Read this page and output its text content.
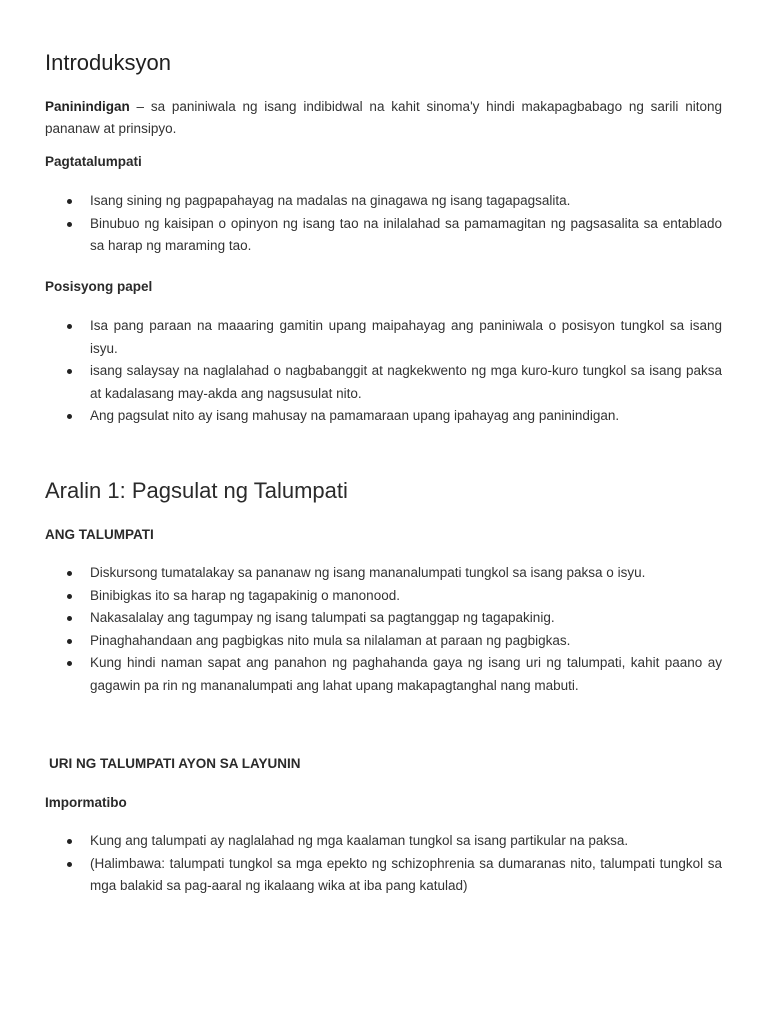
Introduksyon

Paninindigan – sa paniniwala ng isang indibidwal na kahit sinoma'y hindi makapagbabago ng sarili nitong pananaw at prinsipyo.

Pagtatalumpati
Isang sining ng pagpapahayag na madalas na ginagawa ng isang tagapagsalita.
Binubuo ng kaisipan o opinyon ng isang tao na inilalahad sa pamamagitan ng pagsasalita sa entablado sa harap ng maraming tao.
Posisyong papel
Isa pang paraan na maaaring gamitin upang maipahayag ang paniniwala o posisyon tungkol sa isang isyu.
isang salaysay na naglalahad o nagbabanggit at nagkekwento ng mga kuro-kuro tungkol sa isang paksa at kadalasang may-akda ang nagsusulat nito.
Ang pagsulat nito ay isang mahusay na pamamaraan upang ipahayag ang paninindigan.
Aralin 1: Pagsulat ng Talumpati
ANG TALUMPATI
Diskursong tumatalakay sa pananaw ng isang mananalumpati tungkol sa isang paksa o isyu.
Binibigkas ito sa harap ng tagapakinig o manonood.
Nakasalalay ang tagumpay ng isang talumpati sa pagtanggap ng tagapakinig.
Pinaghahandaan ang pagbigkas nito mula sa nilalaman at paraan ng pagbigkas.
Kung hindi naman sapat ang panahon ng paghahanda gaya ng isang uri ng talumpati, kahit paano ay gagawin pa rin ng mananalumpati ang lahat upang makapagtanghal nang mabuti.
URI NG TALUMPATI AYON SA LAYUNIN
Impormatibo
Kung ang talumpati ay naglalahad ng mga kaalaman tungkol sa isang partikular na paksa.
(Halimbawa: talumpati tungkol sa mga epekto ng schizophrenia sa dumaranas nito, talumpati tungkol sa mga balakid sa pag-aaral ng ikalaang wika at iba pang katulad)
